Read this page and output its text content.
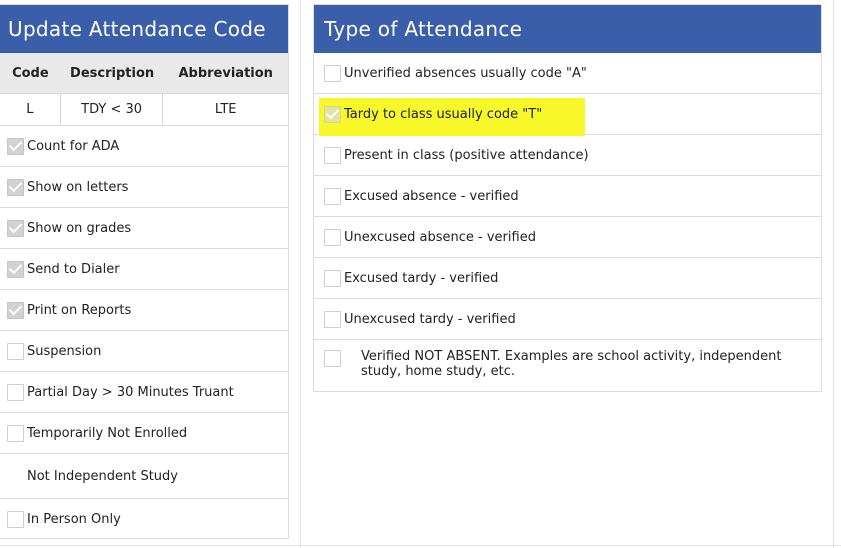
Update Attendance Code
Code	Description	Abbreviation
L	TDY < 30	LTE
Count for ADA
Show on letters
Show on grades
Send to Dialer
Print on Reports
Suspension
Partial Day > 30 Minutes Truant
Temporarily Not Enrolled
Not Independent Study
In Person Only
Type of Attendance
Unverified absences usually code "A"
Tardy to class usually code "T"
Present in class (positive attendance)
Excused absence - verified
Unexcused absence - verified
Excused tardy - verified
Unexcused tardy - verified
Verified NOT ABSENT. Examples are school activity, independent study, home study, etc.
